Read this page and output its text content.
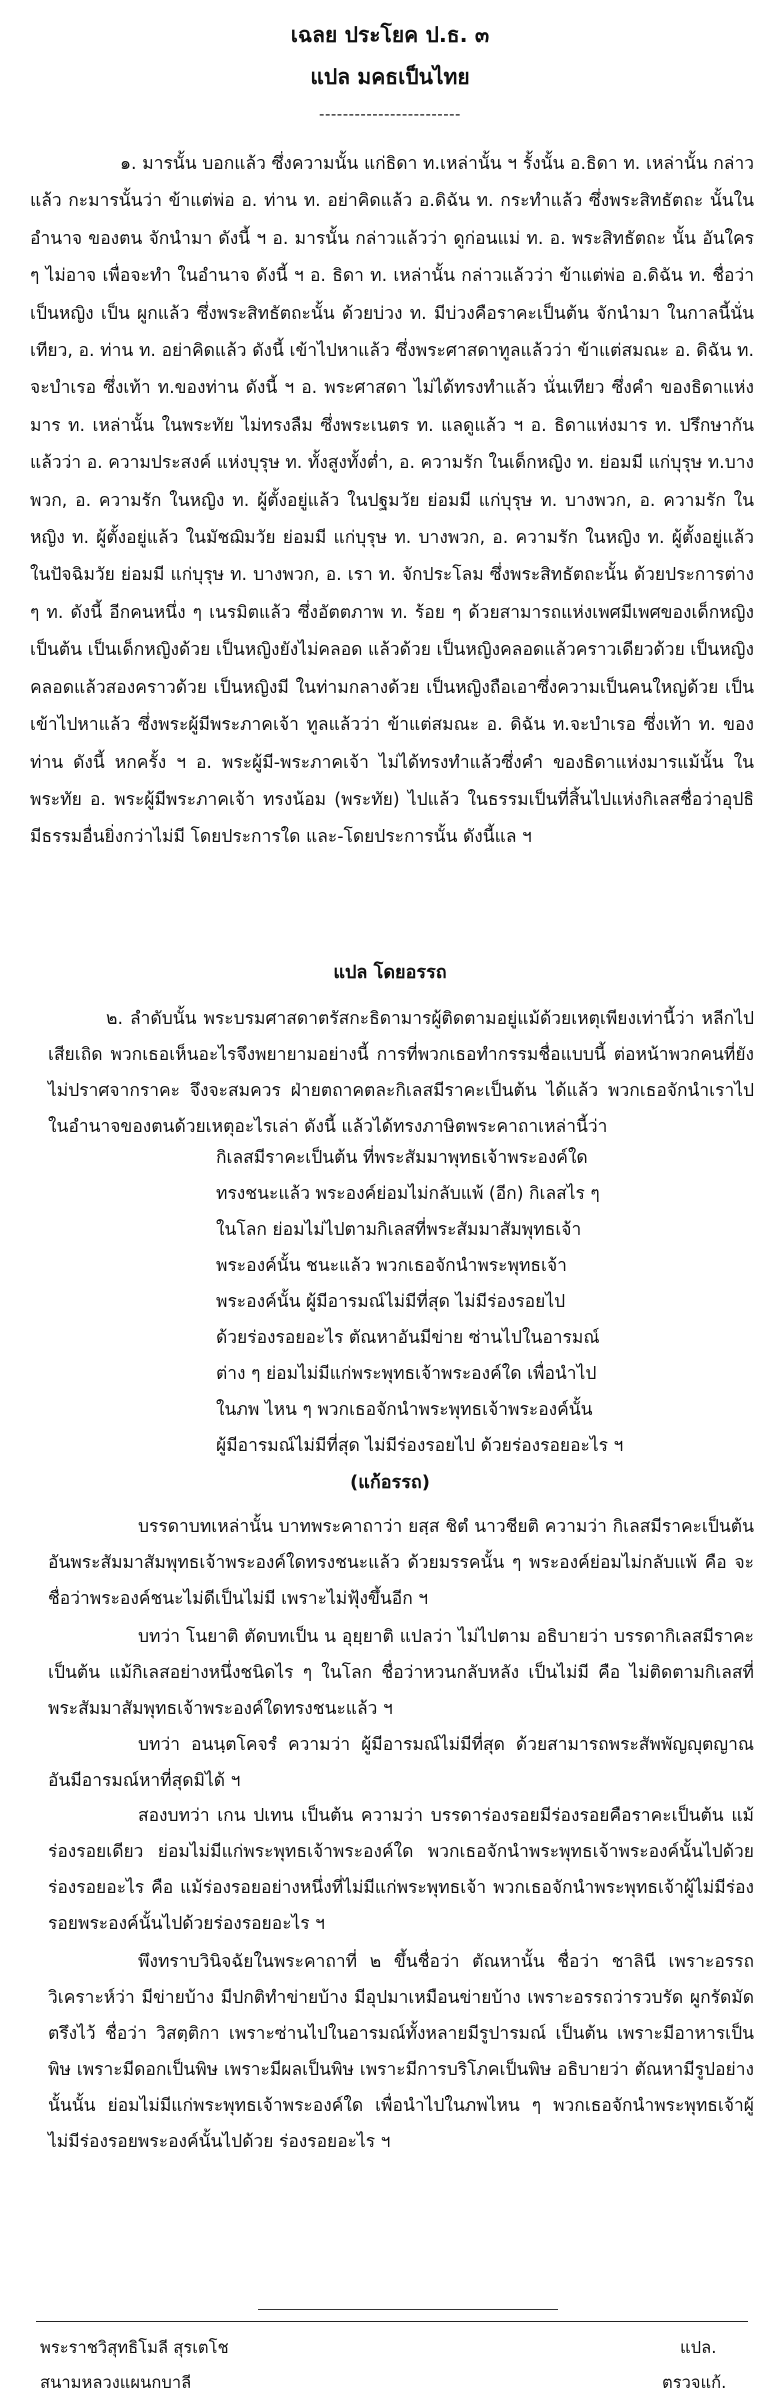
เฉลย ประโยค ป.ธ. ๓
แปล มคธเป็นไทย
------------------------
๑. มารนั้น บอกแล้ว ซึ่งความนั้น แก่ธิดา ท.เหล่านั้น ฯ รั้งนั้น อ.ธิดา ท. เหล่านั้น กล่าวแล้ว กะมารนั้นว่า ข้าแต่พ่อ อ. ท่าน ท. อย่าคิดแล้ว อ.ดิฉัน ท. กระทำแล้ว ซึ่งพระสิทธัตถะ นั้นในอำนาจ ของตน จักนำมา ดังนี้ ฯ อ. มารนั้น กล่าวแล้วว่า ดูก่อนแม่ ท. อ. พระสิทธัตถะ นั้น อันใคร ๆ ไม่อาจ เพื่อจะทำ ในอำนาจ ดังนี้ ฯ อ. ธิดา ท. เหล่านั้น กล่าวแล้วว่า ข้าแต่พ่อ อ.ดิฉัน ท. ชื่อว่าเป็นหญิง เป็น ผูกแล้ว ซึ่งพระสิทธัตถะนั้น ด้วยบ่วง ท. มีบ่วงคือราคะเป็นต้น จักนำมา ในกาลนี้นั่นเทียว, อ. ท่าน ท. อย่าคิดแล้ว ดังนี้ เข้าไปหาแล้ว ซึ่งพระศาสดาทูลแล้วว่า ข้าแต่สมณะ อ. ดิฉัน ท. จะบำเรอ ซึ่งเท้า ท.ของท่าน ดังนี้ ฯ อ. พระศาสดา ไม่ได้ทรงทำแล้ว นั่นเทียว ซึ่งคำ ของธิดาแห่งมาร ท. เหล่านั้น ในพระทัย ไม่ทรงลืม ซึ่งพระเนตร ท. แลดูแล้ว ฯ อ. ธิดาแห่งมาร ท. ปรึกษากันแล้วว่า อ. ความประสงค์ แห่งบุรุษ ท. ทั้งสูงทั้งต่ำ, อ. ความรัก ในเด็กหญิง ท. ย่อมมี แก่บุรุษ ท.บางพวก, อ. ความรัก ในหญิง ท. ผู้ตั้งอยู่แล้ว ในปฐมวัย ย่อมมี แก่บุรุษ ท. บางพวก, อ. ความรัก ในหญิง ท. ผู้ตั้งอยู่แล้ว ในมัชฌิมวัย ย่อมมี แก่บุรุษ ท. บางพวก, อ. ความรัก ในหญิง ท. ผู้ตั้งอยู่แล้ว ในปัจฉิมวัย ย่อมมี แก่บุรุษ ท. บางพวก, อ. เรา ท. จักประโลม ซึ่งพระสิทธัตถะนั้น ด้วยประการต่าง ๆ ท. ดังนี้ อีกคนหนึ่ง ๆ เนรมิตแล้ว ซึ่งอัตตภาพ ท. ร้อย ๆ ด้วยสามารถแห่งเพศมีเพศของเด็กหญิงเป็นต้น เป็นเด็กหญิงด้วย เป็นหญิงยังไม่คลอด แล้วด้วย เป็นหญิงคลอดแล้วคราวเดียวด้วย เป็นหญิงคลอดแล้วสองคราวด้วย เป็นหญิงมี ในท่ามกลางด้วย เป็นหญิงถือเอาซึ่งความเป็นคนใหญ่ด้วย เป็น เข้าไปหาแล้ว ซึ่งพระผู้มีพระภาคเจ้า ทูลแล้วว่า ข้าแต่สมณะ อ. ดิฉัน ท.จะบำเรอ ซึ่งเท้า ท. ของท่าน ดังนี้ หกครั้ง ฯ อ. พระผู้มี-พระภาคเจ้า ไม่ได้ทรงทำแล้วซึ่งคำ ของธิดาแห่งมารแม้นั้น ในพระทัย อ. พระผู้มีพระภาคเจ้า ทรงน้อม (พระทัย) ไปแล้ว ในธรรมเป็นที่สิ้นไปแห่งกิเลสชื่อว่าอุปธิ มีธรรมอื่นยิ่งกว่าไม่มี โดยประการใด และ-โดยประการนั้น ดังนี้แล ฯ
แปล โดยอรรถ
๒. ลำดับนั้น พระบรมศาสดาตรัสกะธิดามารผู้ติดตามอยู่แม้ด้วยเหตุเพียงเท่านี้ว่า หลีกไปเสียเถิด พวกเธอเห็นอะไรจึงพยายามอย่างนี้ การที่พวกเธอทำกรรมชื่อแบบนี้ ต่อหน้าพวกคนที่ยังไม่ปราศจากราคะ จึงจะสมควร ฝ่ายตถาคตละกิเลสมีราคะเป็นต้น ได้แล้ว พวกเธอจักนำเราไปในอำนาจของตนด้วยเหตุอะไรเล่า ดังนี้ แล้วได้ทรงภาษิตพระคาถาเหล่านี้ว่า
กิเลสมีราคะเป็นต้น ที่พระสัมมาพุทธเจ้าพระองค์ใด
ทรงชนะแล้ว พระองค์ย่อมไม่กลับแพ้ (อีก) กิเลสไร ๆ
ในโลก ย่อมไม่ไปตามกิเลสที่พระสัมมาสัมพุทธเจ้า
พระองค์นั้น ชนะแล้ว พวกเธอจักนำพระพุทธเจ้า
พระองค์นั้น ผู้มีอารมณ์ไม่มีที่สุด ไม่มีร่องรอยไป
ด้วยร่องรอยอะไร ตัณหาอันมีข่าย ซ่านไปในอารมณ์
ต่าง ๆ ย่อมไม่มีแก่พระพุทธเจ้าพระองค์ใด เพื่อนำไป
ในภพ ไหน ๆ พวกเธอจักนำพระพุทธเจ้าพระองค์นั้น
ผู้มีอารมณ์ไม่มีที่สุด ไม่มีร่องรอยไป ด้วยร่องรอยอะไร ฯ
(แก้อรรถ)
บรรดาบทเหล่านั้น บาทพระคาถาว่า ยสฺส ชิตํ นาวชียติ ความว่า กิเลสมีราคะเป็นต้นอันพระสัมมาสัมพุทธเจ้าพระองค์ใดทรงชนะแล้ว ด้วยมรรคนั้น ๆ พระองค์ย่อมไม่กลับแพ้ คือ จะชื่อว่าพระองค์ชนะไม่ดีเป็นไม่มี เพราะไม่ฟุ้งขึ้นอีก ฯ
บทว่า โนยาติ ตัดบทเป็น น อุยฺยาติ แปลว่า ไม่ไปตาม อธิบายว่า บรรดากิเลสมีราคะเป็นต้น แม้กิเลสอย่างหนึ่งชนิดไร ๆ ในโลก ชื่อว่าหวนกลับหลัง เป็นไม่มี คือ ไม่ติดตามกิเลสที่พระสัมมาสัมพุทธเจ้าพระองค์ใดทรงชนะแล้ว ฯ
บทว่า อนนฺตโคจรํ ความว่า ผู้มีอารมณ์ไม่มีที่สุด ด้วยสามารถพระสัพพัญญุตญาณอันมีอารมณ์หาที่สุดมิได้ ฯ
สองบทว่า เกน ปเทน เป็นต้น ความว่า บรรดาร่องรอยมีร่องรอยคือราคะเป็นต้น แม้ร่องรอยเดียว ย่อมไม่มีแก่พระพุทธเจ้าพระองค์ใด พวกเธอจักนำพระพุทธเจ้าพระองค์นั้นไปด้วยร่องรอยอะไร คือ แม้ร่องรอยอย่างหนึ่งที่ไม่มีแก่พระพุทธเจ้า พวกเธอจักนำพระพุทธเจ้าผู้ไม่มีร่องรอยพระองค์นั้นไปด้วยร่องรอยอะไร ฯ
พึงทราบวินิจฉัยในพระคาถาที่ ๒ ขึ้นชื่อว่า ตัณหานั้น ชื่อว่า ชาลินี เพราะอรรถวิเคราะห์ว่า มีข่ายบ้าง มีปกติทำข่ายบ้าง มีอุปมาเหมือนข่ายบ้าง เพราะอรรถว่ารวบรัด ผูกรัดมัดตรึงไว้ ชื่อว่า วิสตฺติกา เพราะซ่านไปในอารมณ์ทั้งหลายมีรูปารมณ์ เป็นต้น เพราะมีอาหารเป็นพิษ เพราะมีดอกเป็นพิษ เพราะมีผลเป็นพิษ เพราะมีการบริโภคเป็นพิษ อธิบายว่า ตัณหามีรูปอย่างนั้นนั้น ย่อมไม่มีแก่พระพุทธเจ้าพระองค์ใด เพื่อนำไปในภพไหน ๆ พวกเธอจักนำพระพุทธเจ้าผู้ไม่มีร่องรอยพระองค์นั้นไปด้วย ร่องรอยอะไร ฯ
พระราชวิสุทธิโมลี สุรเตโช	แปล.
สนามหลวงแผนกบาลี	ตรวจแก้.
